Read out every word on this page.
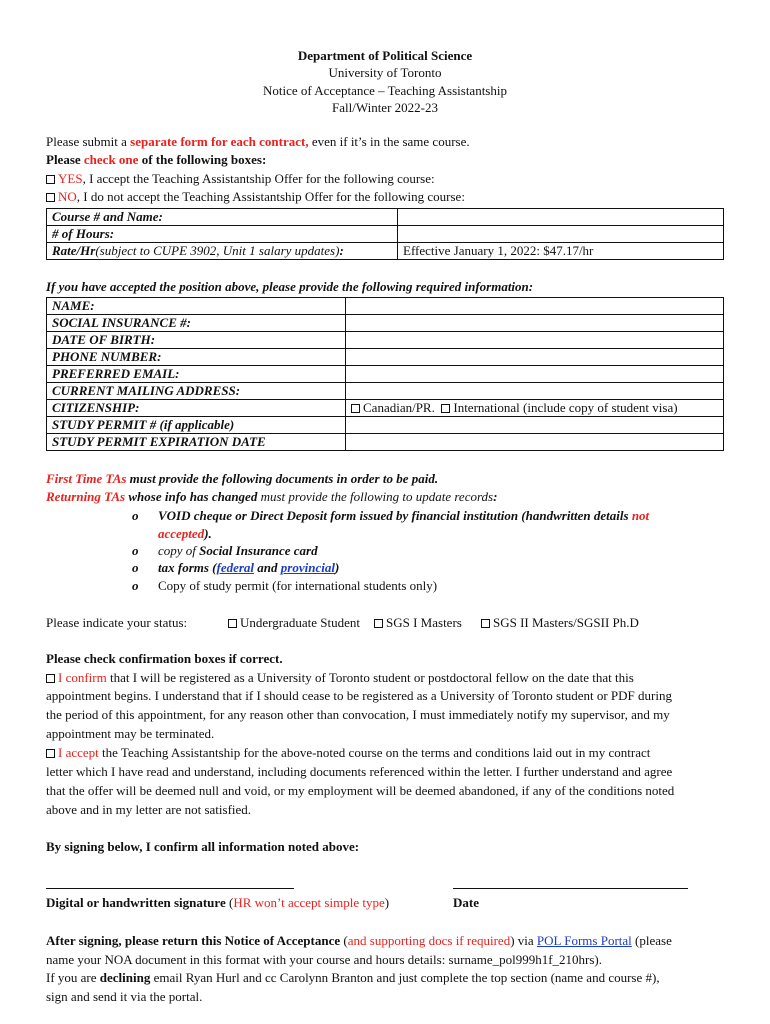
Department of Political Science
University of Toronto
Notice of Acceptance – Teaching Assistantship
Fall/Winter 2022-23
Please submit a separate form for each contract, even if it’s in the same course.
Please check one of the following boxes:
YES, I accept the Teaching Assistantship Offer for the following course:
NO, I do not accept the Teaching Assistantship Offer for the following course:
Course # and Name:	
# of Hours:	
Rate/Hr(subject to CUPE 3902, Unit 1 salary updates):	Effective January 1, 2022: $47.17/hr
If you have accepted the position above, please provide the following required information:
NAME:	
SOCIAL INSURANCE #:	
DATE OF BIRTH:	
PHONE NUMBER:	
PREFERRED EMAIL:	
CURRENT MAILING ADDRESS:	
CITIZENSHIP:	Canadian/PR. International (include copy of student visa)
STUDY PERMIT # (if applicable)	
STUDY PERMIT EXPIRATION DATE	
First Time TAs must provide the following documents in order to be paid.
Returning TAs whose info has changed must provide the following to update records:
o VOID cheque or Direct Deposit form issued by financial institution (handwritten details not
accepted).
o copy of Social Insurance card
o tax forms (federal and provincial)
o Copy of study permit (for international students only)
Please indicate your status:	Undergraduate Student	SGS I Masters	SGS II Masters/SGSII Ph.D
Please check confirmation boxes if correct.
I confirm that I will be registered as a University of Toronto student or postdoctoral fellow on the date that this
appointment begins. I understand that if I should cease to be registered as a University of Toronto student or PDF during
the period of this appointment, for any reason other than convocation, I must immediately notify my supervisor, and my
appointment may be terminated.
I accept the Teaching Assistantship for the above-noted course on the terms and conditions laid out in my contract
letter which I have read and understand, including documents referenced within the letter. I further understand and agree
that the offer will be deemed null and void, or my employment will be deemed abandoned, if any of the conditions noted
above and in my letter are not satisfied.
By signing below, I confirm all information noted above:
Digital or handwritten signature (HR won’t accept simple type)	Date
After signing, please return this Notice of Acceptance (and supporting docs if required) via POL Forms Portal (please
name your NOA document in this format with your course and hours details: surname_pol999h1f_210hrs).
If you are declining email Ryan Hurl and cc Carolynn Branton and just complete the top section (name and course #),
sign and send it via the portal.
